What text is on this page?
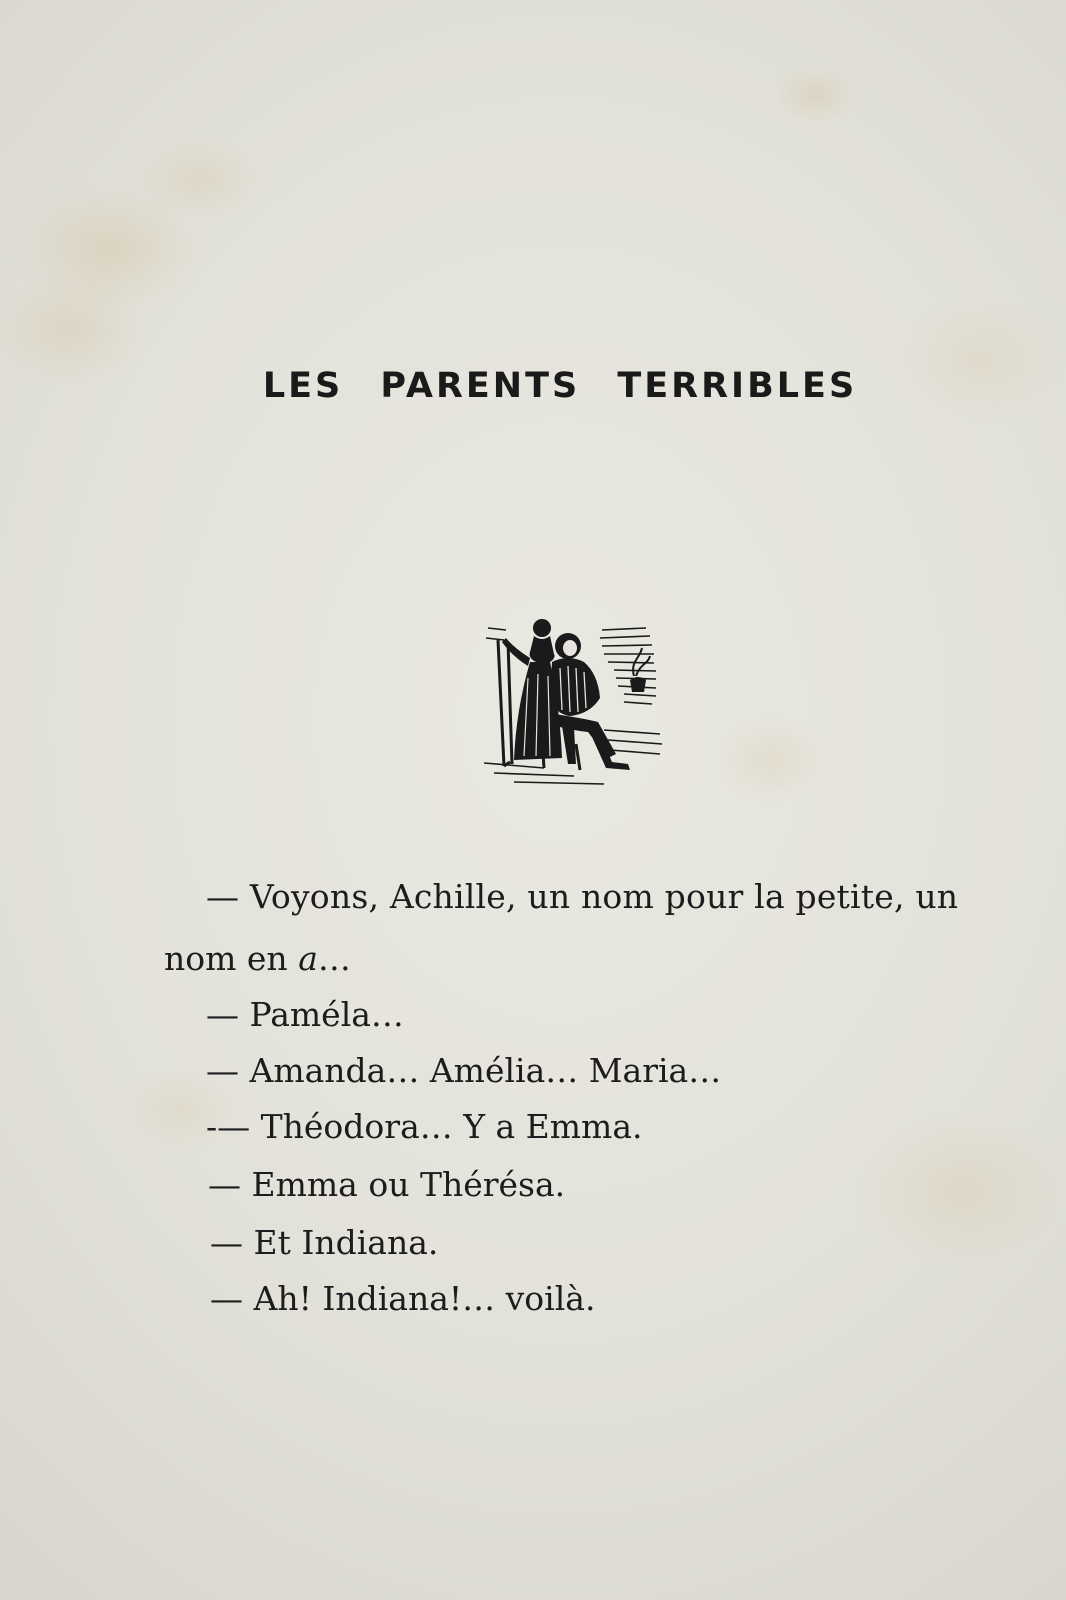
LES PARENTS TERRIBLES
— Voyons, Achille, un nom pour la petite, un
nom en a…
— Paméla…
— Amanda… Amélia… Maria…
-— Théodora… Y a Emma.
— Emma ou Thérésa.
— Et Indiana.
— Ah! Indiana!… voilà.
